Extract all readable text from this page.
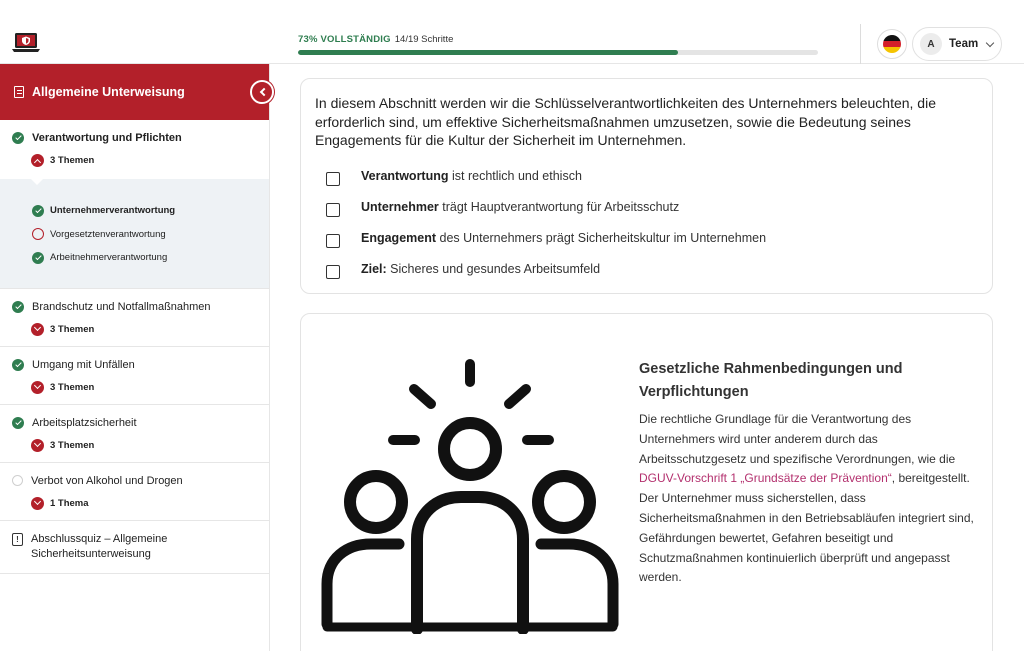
73% VOLLSTÄNDIG 14/19 Schritte	A	Team
Allgemeine Unterweisung
Verantwortung und Pflichten
3 Themen
Unternehmerverantwortung
Vorgesetztenverantwortung
Arbeitnehmerverantwortung
Brandschutz und Notfallmaßnahmen
3 Themen
Umgang mit Unfällen
3 Themen
Arbeitsplatzsicherheit
3 Themen
Verbot von Alkohol und Drogen
1 Thema
!	Abschlussquiz – Allgemeine Sicherheitsunterweisung

In diesem Abschnitt werden wir die Schlüsselverantwortlichkeiten des Unternehmers beleuchten, die erforderlich sind, um effektive Sicherheitsmaßnahmen umzusetzen, sowie die Bedeutung seines Engagements für die Kultur der Sicherheit im Unternehmen.

Verantwortung ist rechtlich und ethisch
Unternehmer trägt Hauptverantwortung für Arbeitsschutz
Engagement des Unternehmers prägt Sicherheitskultur im Unternehmen
Ziel: Sicheres und gesundes Arbeitsumfeld
Gesetzliche Rahmenbedingungen und Verpflichtungen

Die rechtliche Grundlage für die Verantwortung des Unternehmers wird unter anderem durch das Arbeitsschutzgesetz und spezifische Verordnungen, wie die DGUV-Vorschrift 1 „Grundsätze der Prävention“, bereitgestellt.
Der Unternehmer muss sicherstellen, dass Sicherheitsmaßnahmen in den Betriebsabläufen integriert sind, Gefährdungen bewertet, Gefahren beseitigt und Schutzmaßnahmen kontinuierlich überprüft und angepasst werden.
